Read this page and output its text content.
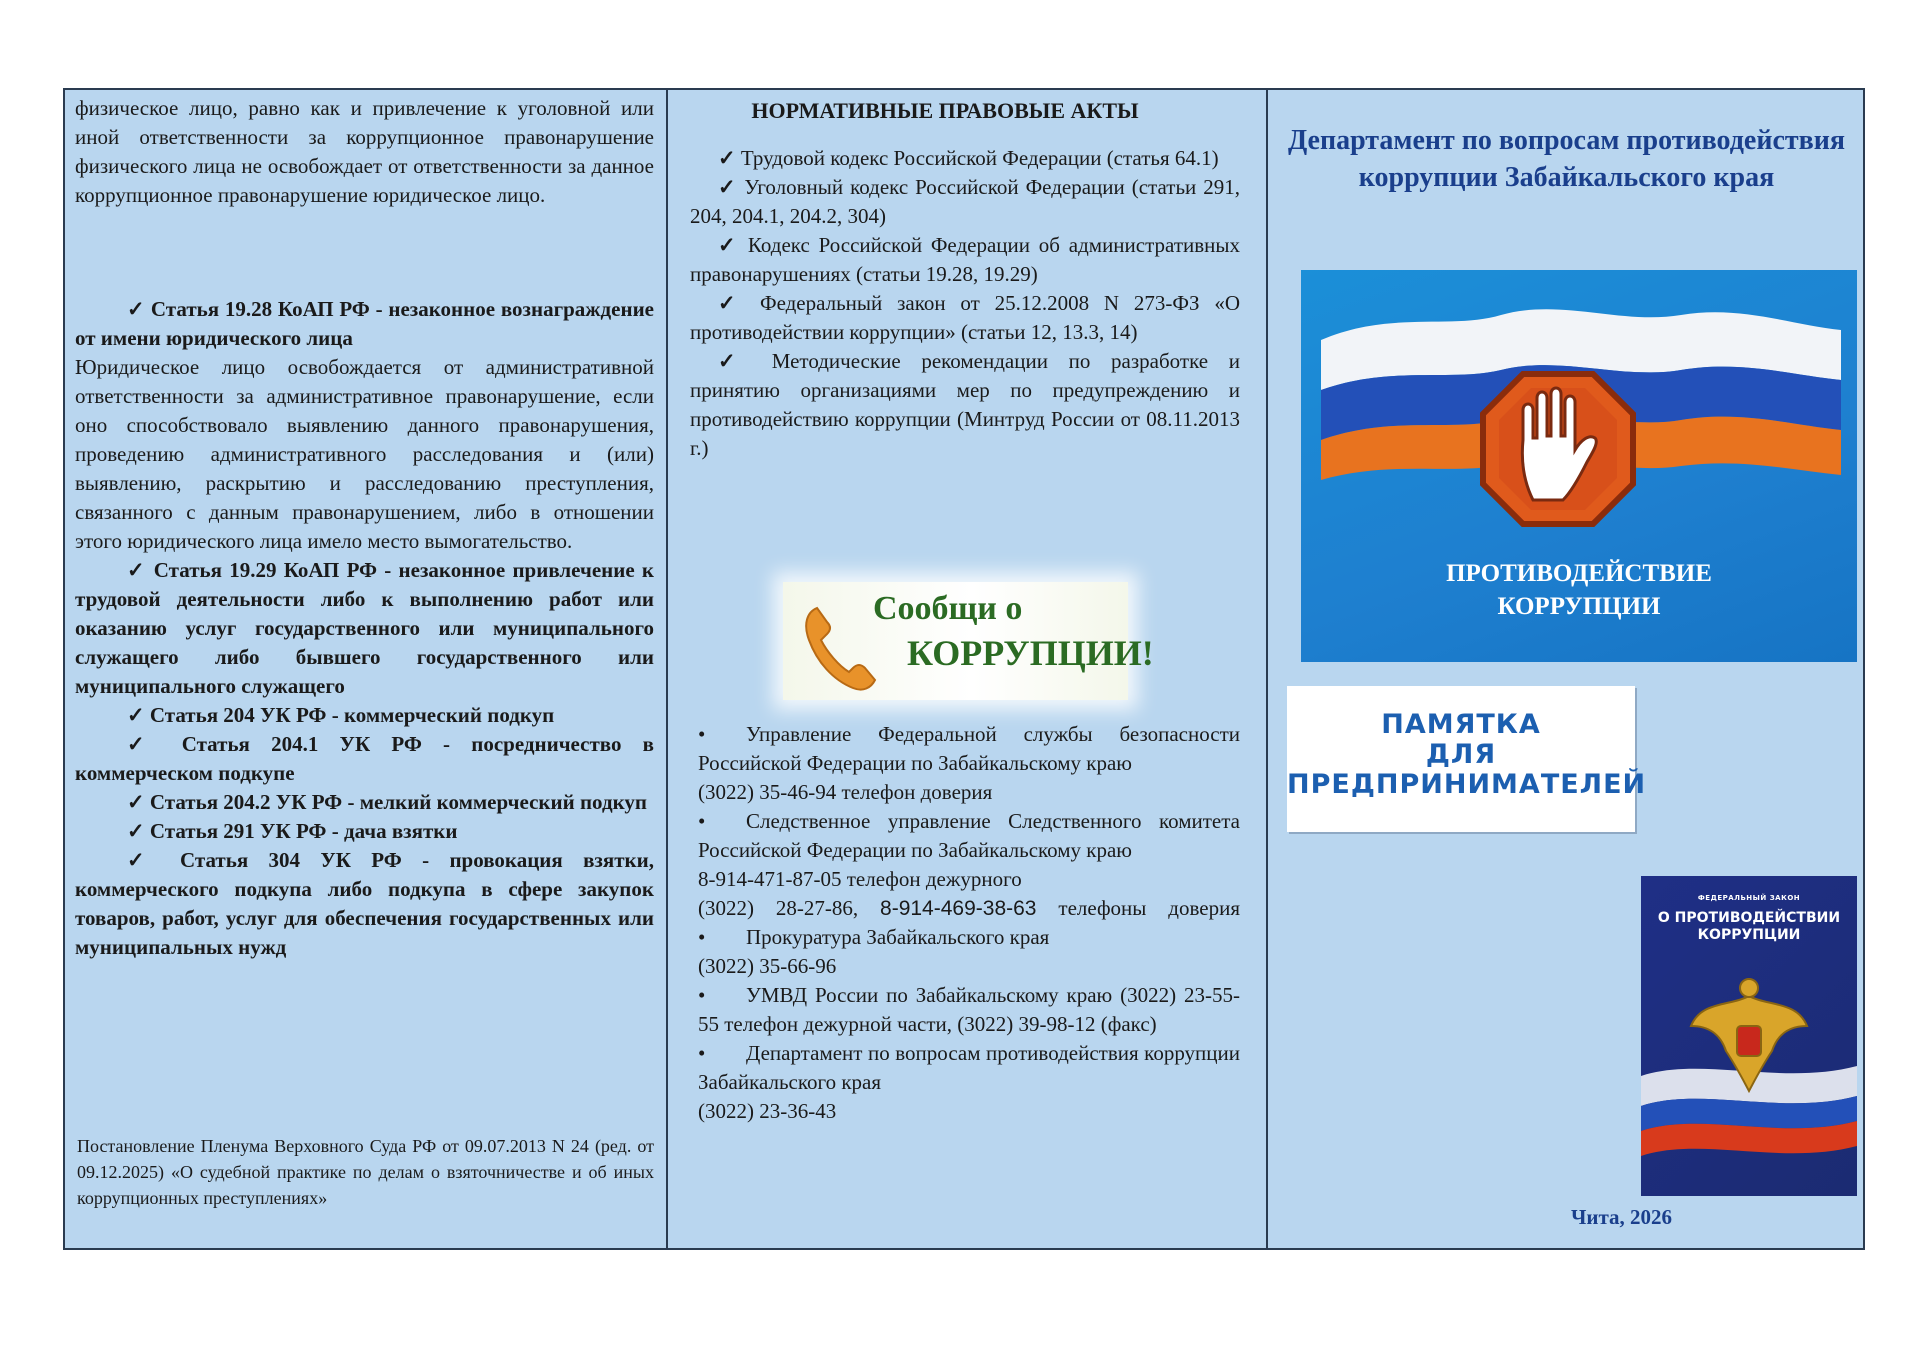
физическое лицо, равно как и привлечение к уголовной или иной ответственности за коррупционное правонарушение физического лица не освобождает от ответственности за данное коррупционное правонарушение юридическое лицо.

✓ Статья 19.28 КоАП РФ - незаконное вознаграждение от имени юридического лица

Юридическое лицо освобождается от административной ответственности за административное правонарушение, если оно способствовало выявлению данного правонарушения, проведению административного расследования и (или) выявлению, раскрытию и расследованию преступления, связанного с данным правонарушением, либо в отношении этого юридического лица имело место вымогательство.

✓ Статья 19.29 КоАП РФ - незаконное привлечение к трудовой деятельности либо к выполнению работ или оказанию услуг государственного или муниципального служащего либо бывшего государственного или муниципального служащего

✓ Статья 204 УК РФ - коммерческий подкуп

✓ Статья 204.1 УК РФ - посредничество в коммерческом подкупе

✓ Статья 204.2 УК РФ - мелкий коммерческий подкуп

✓ Статья 291 УК РФ - дача взятки

✓ Статья 304 УК РФ - провокация взятки, коммерческого подкупа либо подкупа в сфере закупок товаров, работ, услуг для обеспечения государственных или муниципальных нужд

Постановление Пленума Верховного Суда РФ от 09.07.2013 N 24 (ред. от 09.12.2025) «О судебной практике по делам о взяточничестве и об иных коррупционных преступлениях»

НОРМАТИВНЫЕ ПРАВОВЫЕ АКТЫ

✓ Трудовой кодекс Российской Федерации (статья 64.1)

✓ Уголовный кодекс Российской Федерации (статьи 291, 204, 204.1, 204.2, 304)

✓ Кодекс Российской Федерации об административных правонарушениях (статьи 19.28, 19.29)

✓ Федеральный закон от 25.12.2008 N 273-ФЗ «О противодействии коррупции» (статьи 12, 13.3, 14)

✓ Методические рекомендации по разработке и принятию организациями мер по предупреждению и противодействию коррупции (Минтруд России от 08.11.2013 г.)

Сообщи о
КОРРУПЦИИ!

• Управление Федеральной службы безопасности Российской Федерации по Забайкальскому краю

(3022) 35-46-94 телефон доверия

• Следственное управление Следственного комитета Российской Федерации по Забайкальскому краю

8-914-471-87-05 телефон дежурного

(3022) 28-27-86, 8-914-469-38-63 телефоны доверия

• Прокуратура Забайкальского края

(3022) 35-66-96

• УМВД России по Забайкальскому краю (3022) 23-55-55 телефон дежурной части, (3022) 39-98-12 (факс)

• Департамент по вопросам противодействия коррупции Забайкальского края

(3022) 23-36-43

Департамент по вопросам противодействия коррупции Забайкальского края

ПРОТИВОДЕЙСТВИЕ
КОРРУПЦИИ
ПАМЯТКА
ДЛЯ
ПРЕДПРИНИМАТЕЛЕЙ
ФЕДЕРАЛЬНЫЙ ЗАКОН
О ПРОТИВОДЕЙСТВИИ КОРРУПЦИИ
Чита, 2026
